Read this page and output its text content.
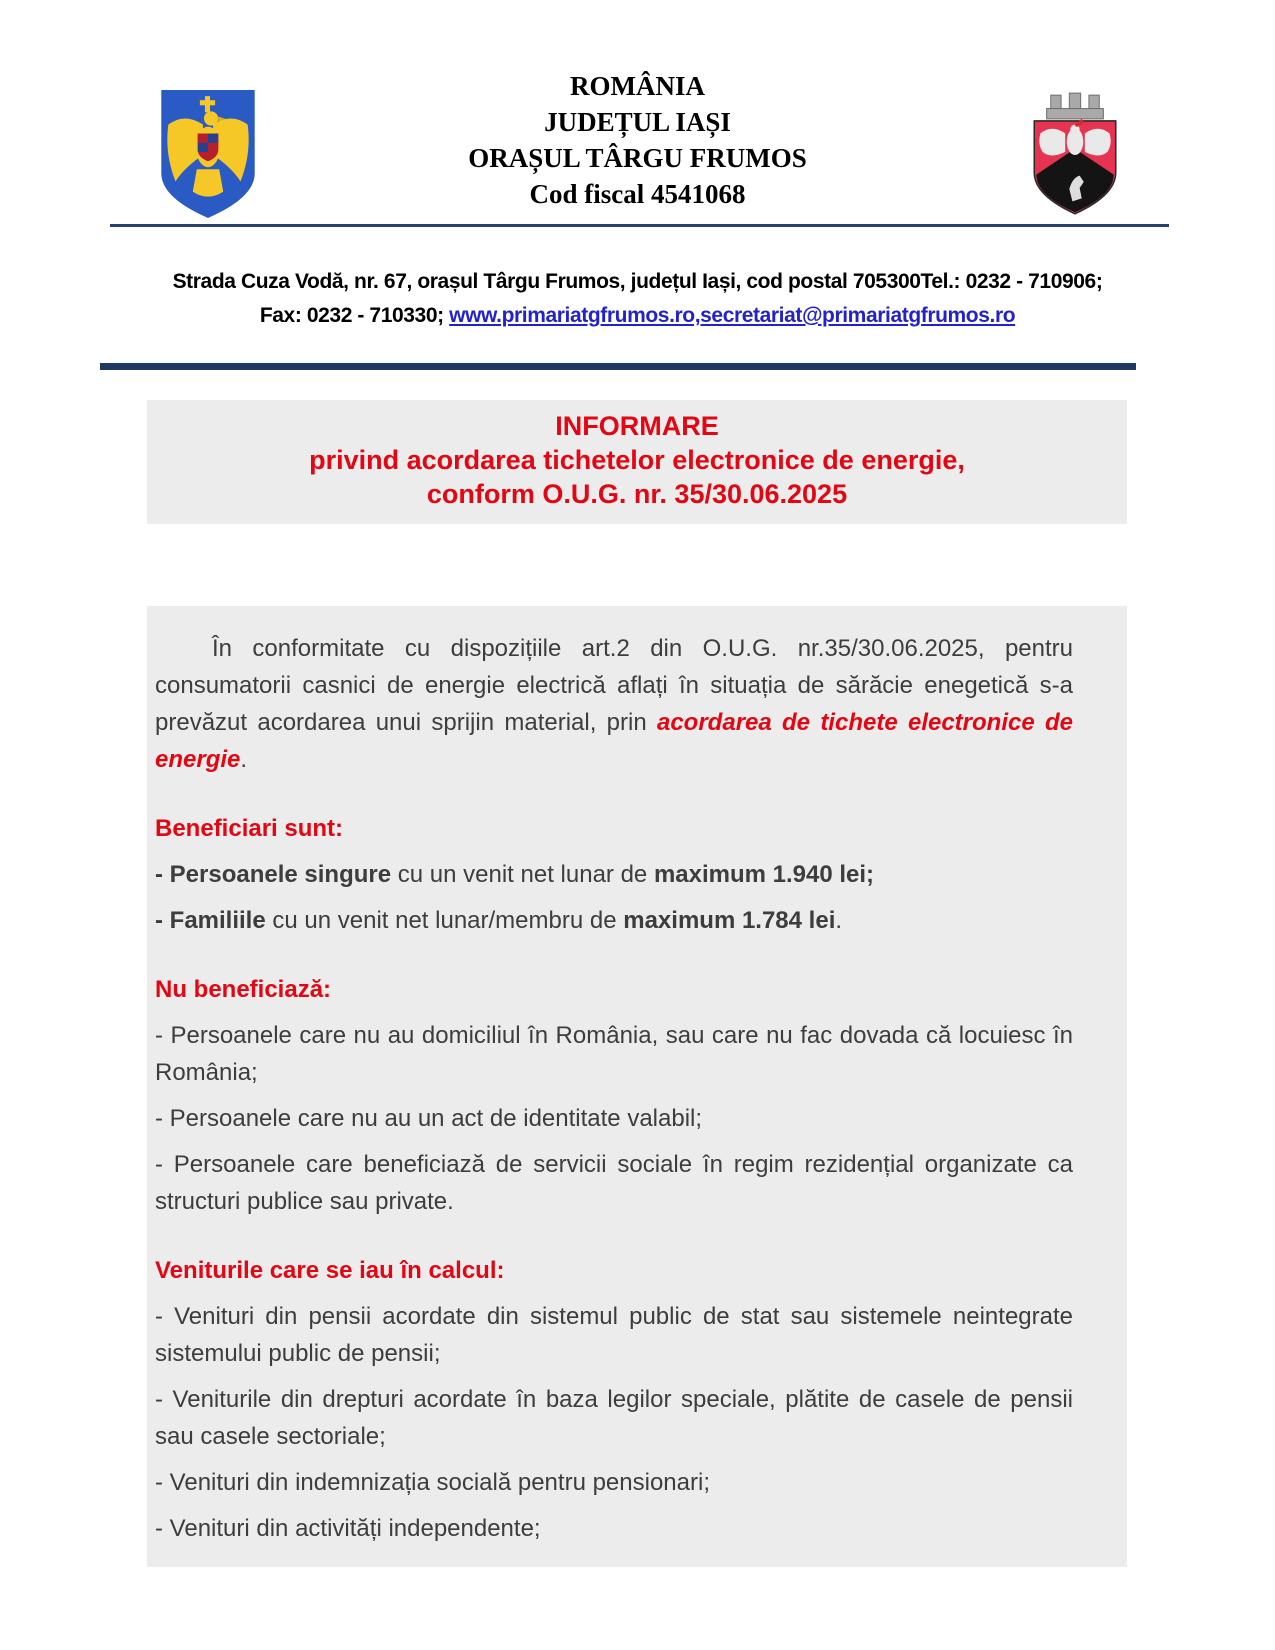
ROMÂNIA
JUDEȚUL IAȘI
ORAȘUL TÂRGU FRUMOS
Cod fiscal 4541068
Strada Cuza Vodă, nr. 67, orașul Târgu Frumos, județul Iași, cod postal 705300Tel.: 0232 - 710906;
Fax: 0232 - 710330; www.primariatgfrumos.ro,secretariat@primariatgfrumos.ro
INFORMARE
privind acordarea tichetelor electronice de energie,
conform O.U.G. nr. 35/30.06.2025

În conformitate cu dispozițiile art.2 din O.U.G. nr.35/30.06.2025, pentru consumatorii casnici de energie electrică aflați în situația de sărăcie enegetică s-a prevăzut acordarea unui sprijin material, prin acordarea de tichete electronice de energie.

Beneficiari sunt:

- Persoanele singure cu un venit net lunar de maximum 1.940 lei;

- Familiile cu un venit net lunar/membru de maximum 1.784 lei.

Nu beneficiază:

- Persoanele care nu au domiciliul în România, sau care nu fac dovada că locuiesc în România;

- Persoanele care nu au un act de identitate valabil;

- Persoanele care beneficiază de servicii sociale în regim rezidențial organizate ca structuri publice sau private.

Veniturile care se iau în calcul:

- Venituri din pensii acordate din sistemul public de stat sau sistemele neintegrate sistemului public de pensii;

- Veniturile din drepturi acordate în baza legilor speciale, plătite de casele de pensii sau casele sectoriale;

- Venituri din indemnizația socială pentru pensionari;

- Venituri din activități independente;
